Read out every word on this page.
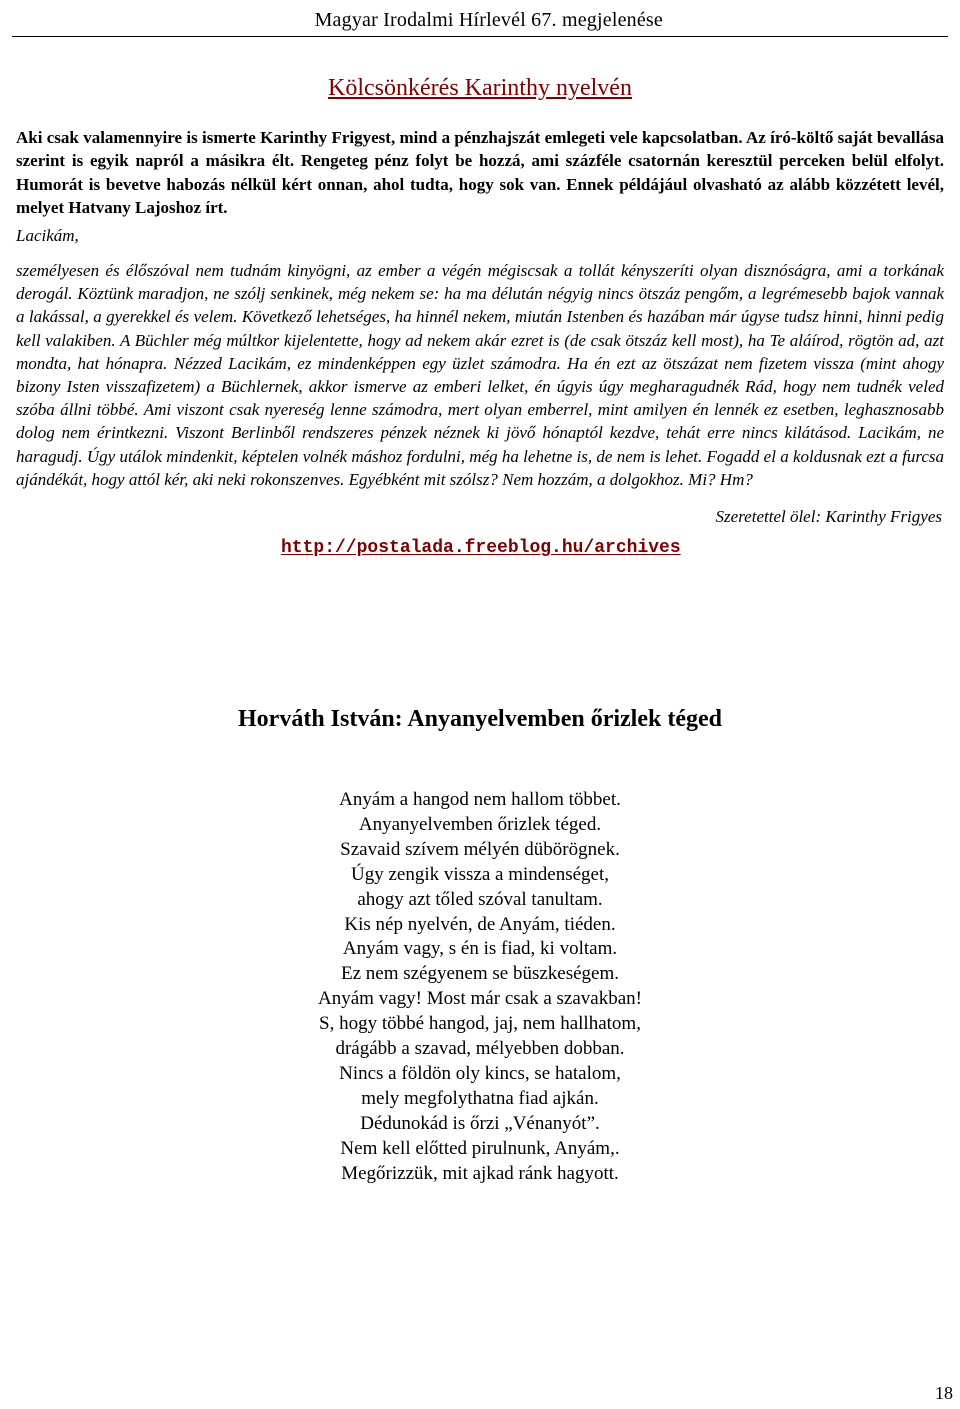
Magyar Irodalmi Hírlevél 67. megjelenése
Kölcsönkérés Karinthy nyelvén
Aki csak valamennyire is ismerte Karinthy Frigyest, mind a pénzhajszát emlegeti vele kapcsolatban. Az író-költő saját bevallása szerint is egyik napról a másikra élt. Rengeteg pénz folyt be hozzá, ami százféle csatornán keresztül perceken belül elfolyt. Humorát is bevetve habozás nélkül kért onnan, ahol tudta, hogy sok van. Ennek példájául olvasható az alább közzétett levél, melyet Hatvany Lajoshoz írt.
Lacikám,
személyesen és élőszóval nem tudnám kinyögni, az ember a végén mégiscsak a tollát kényszeríti olyan disznóságra, ami a torkának derogál. Köztünk maradjon, ne szólj senkinek, még nekem se: ha ma délután négyig nincs ötszáz pengőm, a legrémesebb bajok vannak a lakással, a gyerekkel és velem. Következő lehetséges, ha hinnél nekem, miután Istenben és hazában már úgyse tudsz hinni, hinni pedig kell valakiben. A Büchler még múltkor kijelentette, hogy ad nekem akár ezret is (de csak ötszáz kell most), ha Te aláírod, rögtön ad, azt mondta, hat hónapra. Nézzed Lacikám, ez mindenképpen egy üzlet számodra. Ha én ezt az ötszázat nem fizetem vissza (mint ahogy bizony Isten visszafizetem) a Büchlernek, akkor ismerve az emberi lelket, én úgyis úgy megharagudnék Rád, hogy nem tudnék veled szóba állni többé. Ami viszont csak nyereség lenne számodra, mert olyan emberrel, mint amilyen én lennék ez esetben, leghasznosabb dolog nem érintkezni. Viszont Berlinből rendszeres pénzek néznek ki jövő hónaptól kezdve, tehát erre nincs kilátásod. Lacikám, ne haragudj. Úgy utálok mindenkit, képtelen volnék máshoz fordulni, még ha lehetne is, de nem is lehet. Fogadd el a koldusnak ezt a furcsa ajándékát, hogy attól kér, aki neki rokonszenves. Egyébként mit szólsz? Nem hozzám, a dolgokhoz. Mi? Hm?
Szeretettel ölel: Karinthy Frigyes
http://postalada.freeblog.hu/archives
Horváth István: Anyanyelvemben őrizlek téged
Anyám a hangod nem hallom többet.
Anyanyelvemben őrizlek téged.
Szavaid szívem mélyén dübörögnek.
Úgy zengik vissza a mindenséget,
ahogy azt tőled szóval tanultam.
Kis nép nyelvén, de Anyám, tiéden.
Anyám vagy, s én is fiad, ki voltam.
Ez nem szégyenem se büszkeségem.
Anyám vagy! Most már csak a szavakban!
S, hogy többé hangod, jaj, nem hallhatom,
drágább a szavad, mélyebben dobban.
Nincs a földön oly kincs, se hatalom,
mely megfolythatna fiad ajkán.
Dédunokád is őrzi „Vénanyót”.
Nem kell előtted pirulnunk, Anyám,.
Megőrizzük, mit ajkad ránk hagyott.
18
